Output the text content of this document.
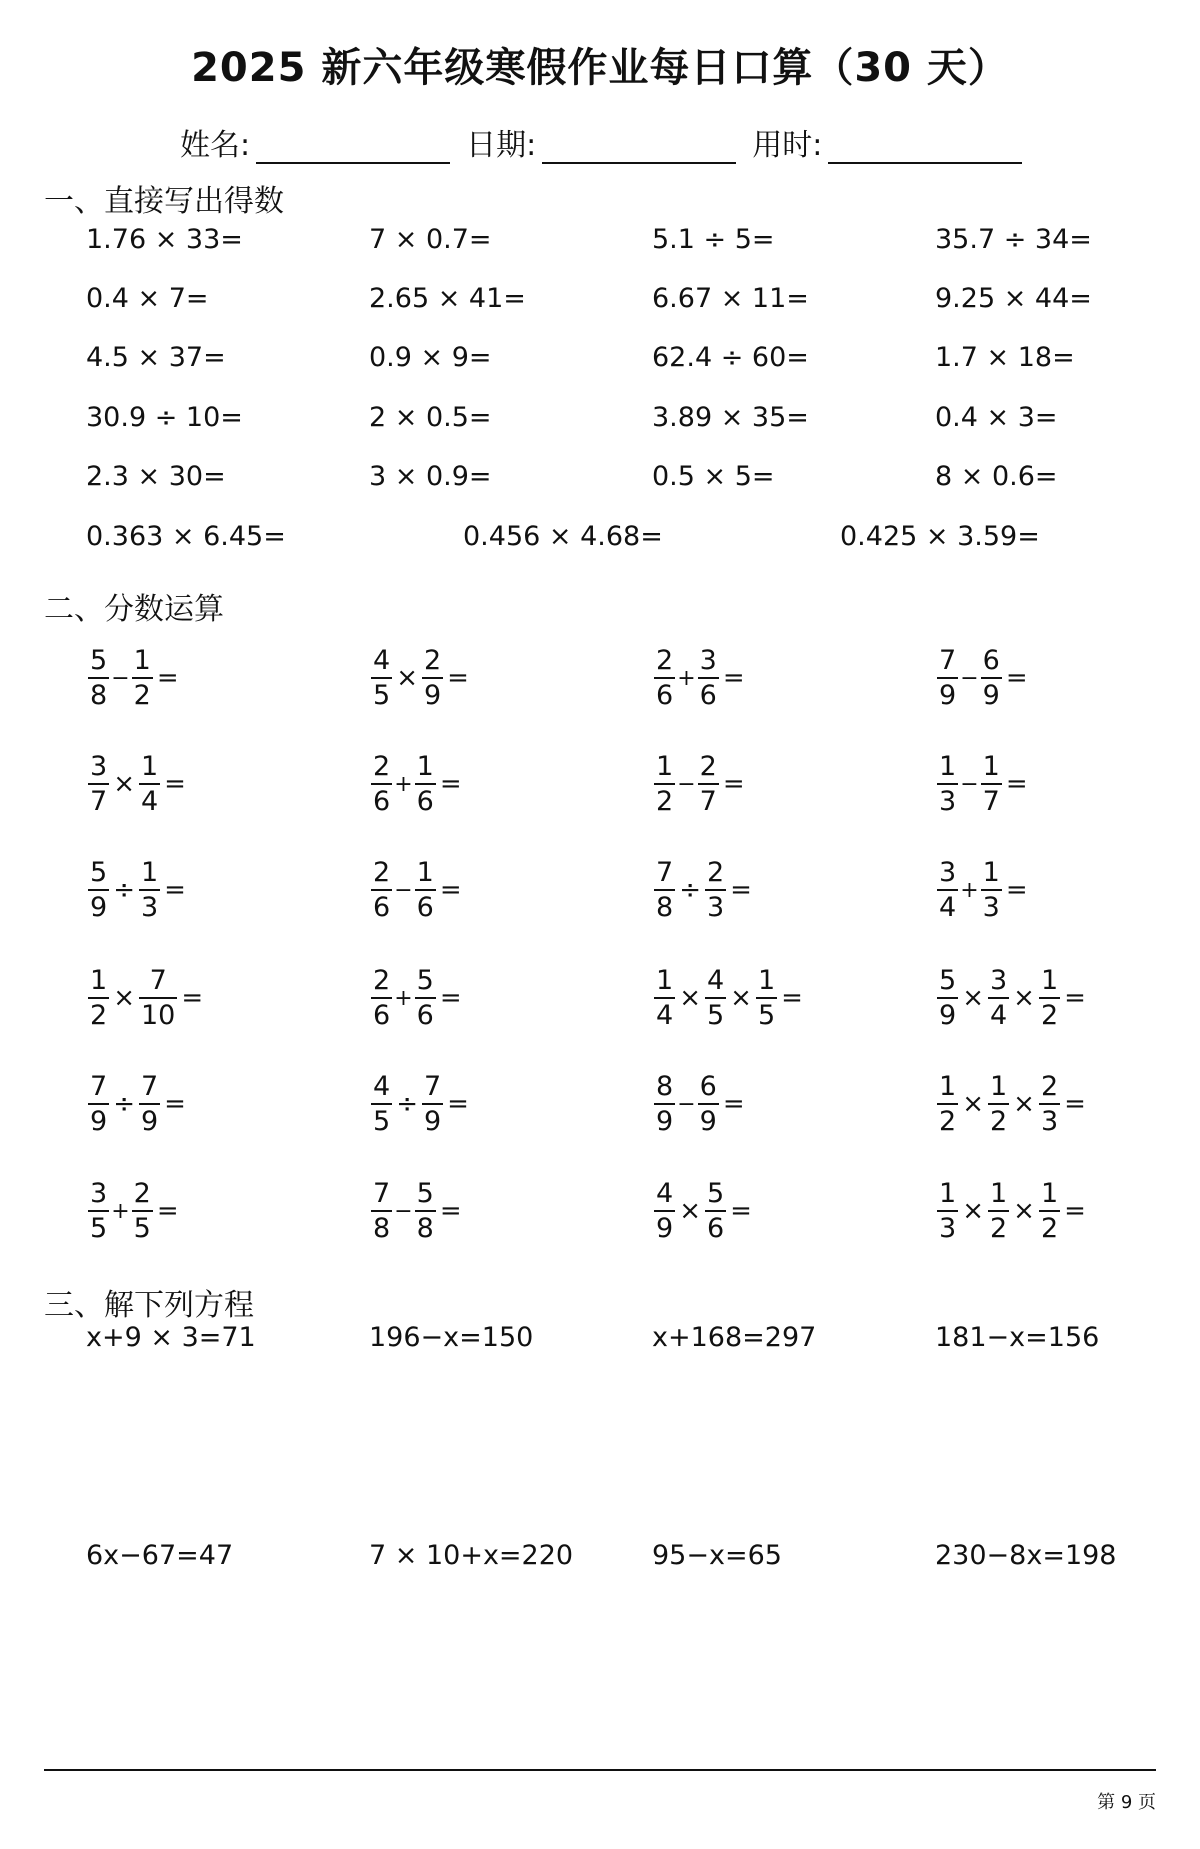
2025 新六年级寒假作业每日口算（30 天）
姓名:	日期:	用时:
一、直接写出得数
1.76 × 33=	7 × 0.7=	5.1 ÷ 5=	35.7 ÷ 34=
0.4 × 7=	2.65 × 41=	6.67 × 11=	9.25 × 44=
4.5 × 37=	0.9 × 9=	62.4 ÷ 60=	1.7 × 18=
30.9 ÷ 10=	2 × 0.5=	3.89 × 35=	0.4 × 3=
2.3 × 30=	3 × 0.9=	0.5 × 5=	8 × 0.6=
0.363 × 6.45=	0.456 × 4.68=	0.425 × 3.59=
二、分数运算
$\frac{5}{8} - \frac{1}{2}$ =	$\frac{4}{5} \times \frac{2}{9}$ =	$\frac{2}{6} + \frac{3}{6}$ =	$\frac{7}{9} - \frac{6}{9}$ =
$\frac{3}{7} \times \frac{1}{4}$ =	$\frac{2}{6} + \frac{1}{6}$ =	$\frac{1}{2} - \frac{2}{7}$ =	$\frac{1}{3} - \frac{1}{7}$ =
$\frac{5}{9} \div \frac{1}{3}$ =	$\frac{2}{6} - \frac{1}{6}$ =	$\frac{7}{8} \div \frac{2}{3}$ =	$\frac{3}{4} + \frac{1}{3}$ =
$\frac{1}{2} \times \frac{7}{10}$ =	$\frac{2}{6} + \frac{5}{6}$ =	$\frac{1}{4} \times \frac{4}{5} \times \frac{1}{5}$ =	$\frac{5}{9} \times \frac{3}{4} \times \frac{1}{2}$ =
$\frac{7}{9} \div \frac{7}{9}$ =	$\frac{4}{5} \div \frac{7}{9}$ =	$\frac{8}{9} - \frac{6}{9}$ =	$\frac{1}{2} \times \frac{1}{2} \times \frac{2}{3}$ =
$\frac{3}{5} + \frac{2}{5}$ =	$\frac{7}{8} - \frac{5}{8}$ =	$\frac{4}{9} \times \frac{5}{6}$ =	$\frac{1}{3} \times \frac{1}{2} \times \frac{1}{2}$ =
三、解下列方程
x+9 × 3=71	196−x=150	x+168=297	181−x=156
6x−67=47	7 × 10+x=220	95−x=65	230−8x=198
第 9 页
